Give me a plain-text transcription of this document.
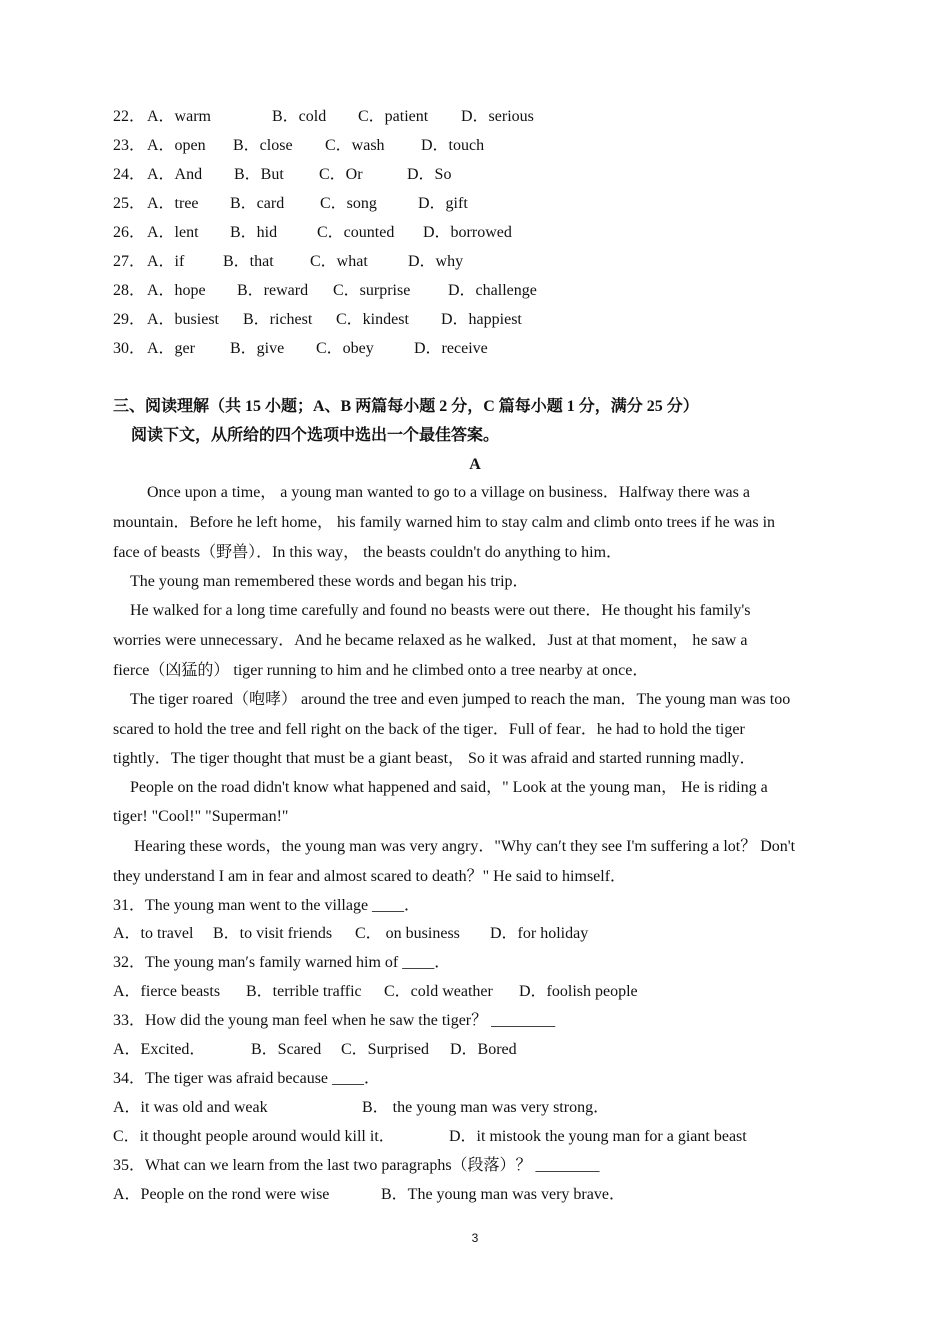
22． A．warm	B．cold C．patient D．serious
23． A．open B．close C．wash D．touch
24． A．And B．But C．Or	D．So
25． A．tree B．card C．song	D．gift
26． A．lent B．hid C．counted D．borrowed
27． A．if B．that C．what	D．why
28． A．hope B．reward C．surprise D．challenge
29． A．busiest B．richest C．kindest D．happiest
30． A．ger B．give C．obey	D．receive
三、阅读理解（共 15 小题；A、B 两篇每小题 2 分，C 篇每小题 1 分，满分 25 分）
阅读下文，从所给的四个选项中选出一个最佳答案。
A
Once upon a time， a young man wanted to go to a village on business．Halfway there was a
mountain．Before he left home， his family warned him to stay calm and climb onto trees if he was in
face of beasts（野兽）．In this way， the beasts couldn't do anything to him．
The young man remembered these words and began his trip．
He walked for a long time carefully and found no beasts were out there．He thought his family's
worries were unnecessary．And he became relaxed as he walked．Just at that moment， he saw a
fierce（凶猛的） tiger running to him and he climbed onto a tree nearby at once．
The tiger roared（咆哮） around the tree and even jumped to reach the man．The young man was too
scared to hold the tree and fell right on the back of the tiger．Full of fear．he had to hold the tiger
tightly．The tiger thought that must be a giant beast， So it was afraid and started running madly．
People on the road didn't know what happened and said，" Look at the young man， He is riding a
tiger! "Cool!" "Superman!"
Hearing these words，the young man was very angry．"Why can′t they see I'm suffering a lot？ Don't
they understand I am in fear and almost scared to death？" He said to himself．
31．The young man went to the village ____．
A．to travel B．to visit friends C． on business D．for holiday
32．The young man′s family warned him of ____．
A．fierce beasts B．terrible traffic C．cold weather D．foolish people
33．How did the young man feel when he saw the tiger？ ________
A．Excited．	B．Scared C．Surprised D．Bored
34．The tiger was afraid because ____．
A．it was old and weak	B． the young man was very strong．
C．it thought people around would kill it．	D．it mistook the young man for a giant beast
35．What can we learn from the last two paragraphs（段落）？ ________
A．People on the rond were wise	B．The young man was very brave．
3
